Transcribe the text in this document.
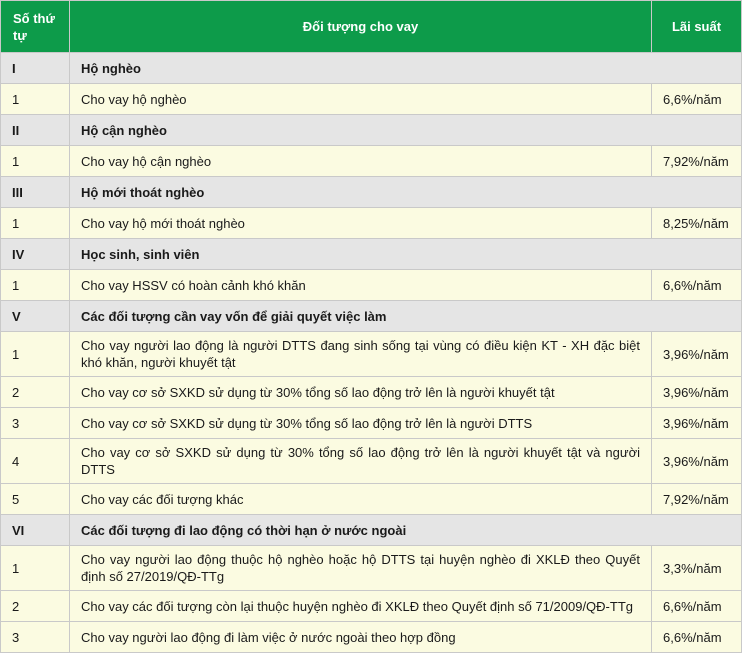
Số thứ tự	Đối tượng cho vay	Lãi suất
I	Hộ nghèo	
1	Cho vay hộ nghèo	6,6%/năm
II	Hộ cận nghèo	
1	Cho vay hộ cận nghèo	7,92%/năm
III	Hộ mới thoát nghèo	
1	Cho vay hộ mới thoát nghèo	8,25%/năm
IV	Học sinh, sinh viên	
1	Cho vay HSSV có hoàn cảnh khó khăn	6,6%/năm
V	Các đối tượng cần vay vốn để giải quyết việc làm	
1	Cho vay người lao động là người DTTS đang sinh sống tại vùng có điều kiện KT - XH đặc biệt khó khăn, người khuyết tật	3,96%/năm
2	Cho vay cơ sở SXKD sử dụng từ 30% tổng số lao động trở lên là người khuyết tật	3,96%/năm
3	Cho vay cơ sở SXKD sử dụng từ 30% tổng số lao động trở lên là người DTTS	3,96%/năm
4	Cho vay cơ sở SXKD sử dụng từ 30% tổng số lao động trở lên là người khuyết tật và người DTTS	3,96%/năm
5	Cho vay các đối tượng khác	7,92%/năm
VI	Các đối tượng đi lao động có thời hạn ở nước ngoài	
1	Cho vay người lao động thuộc hộ nghèo hoặc hộ DTTS tại huyện nghèo đi XKLĐ theo Quyết định số 27/2019/QĐ-TTg	3,3%/năm
2	Cho vay các đối tượng còn lại thuộc huyện nghèo đi XKLĐ theo Quyết định số 71/2009/QĐ-TTg	6,6%/năm
3	Cho vay người lao động đi làm việc ở nước ngoài theo hợp đồng	6,6%/năm
